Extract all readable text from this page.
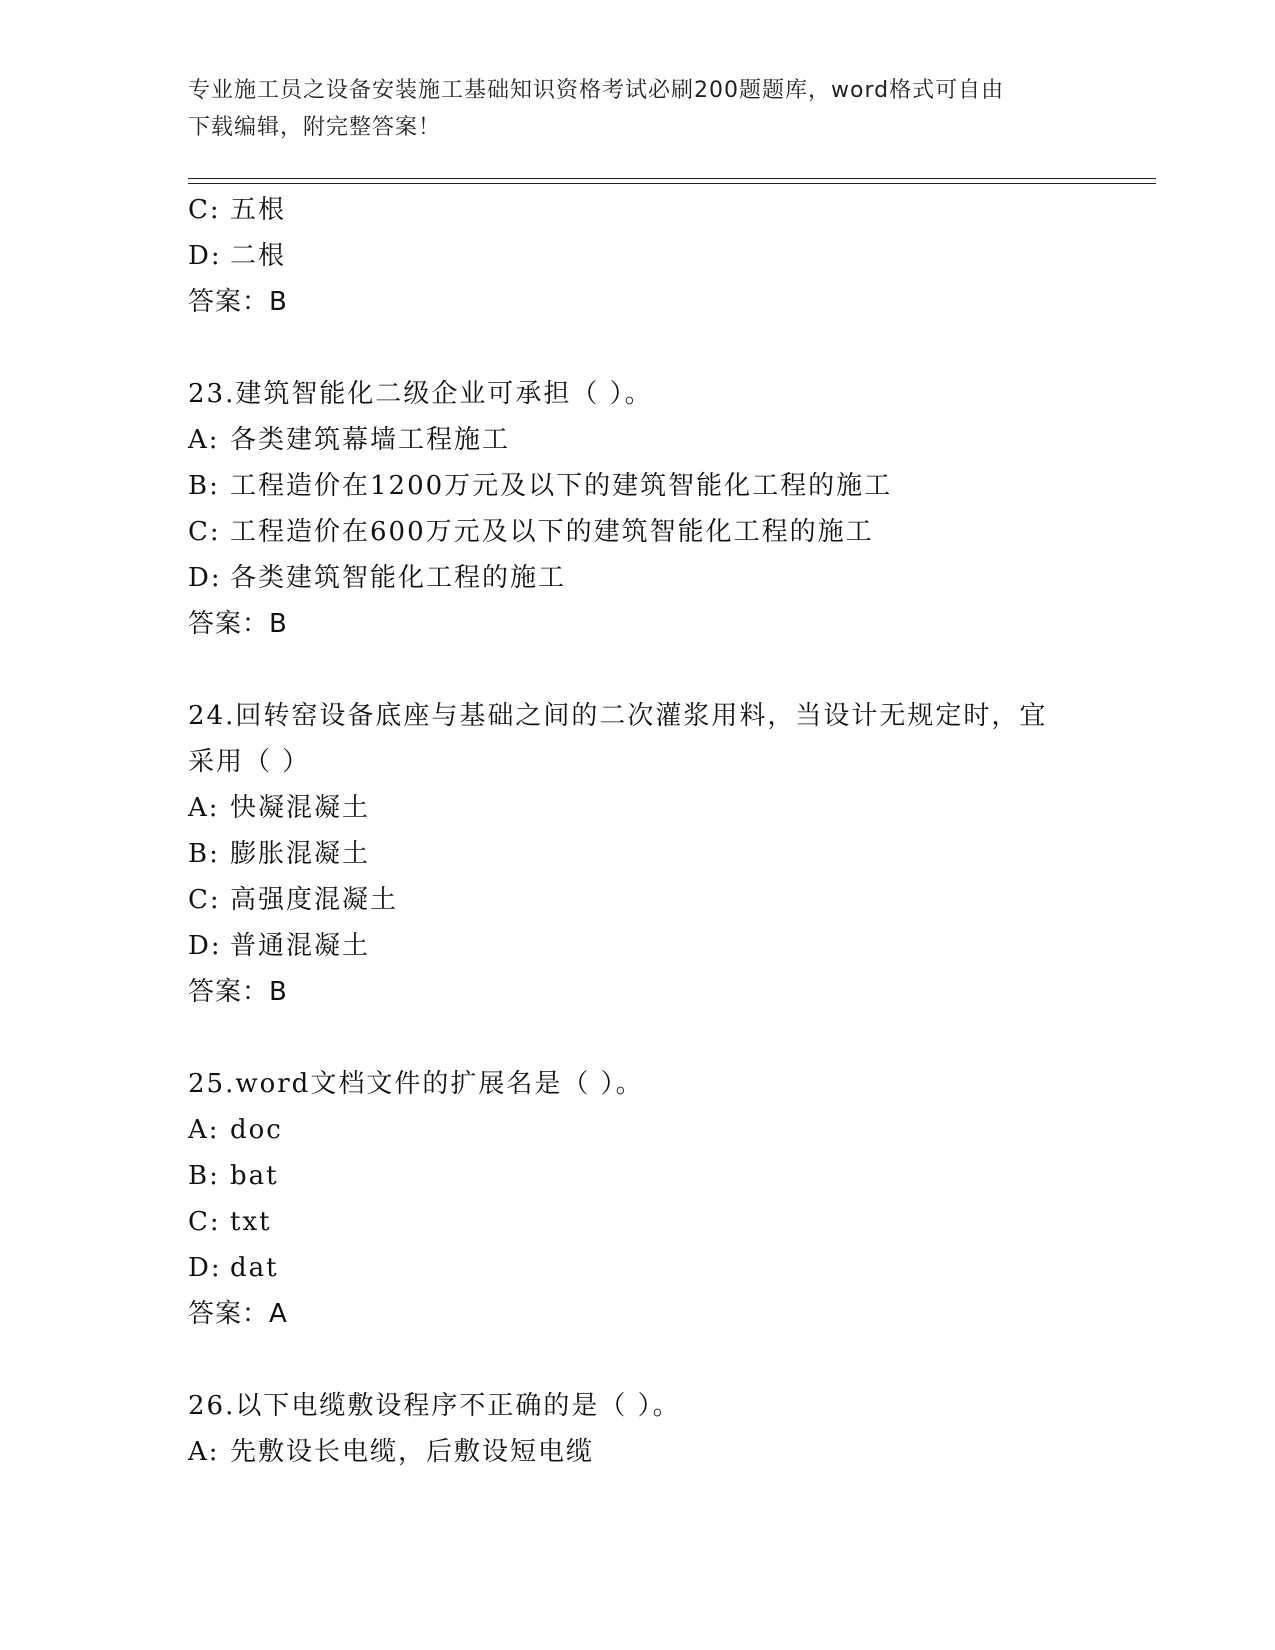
专业施工员之设备安装施工基础知识资格考试必刷200题题库，word格式可自由
下载编辑，附完整答案！
C: 五根
D: 二根
答案：B
23.建筑智能化二级企业可承担（ ）。
A: 各类建筑幕墙工程施工
B: 工程造价在1200万元及以下的建筑智能化工程的施工
C: 工程造价在600万元及以下的建筑智能化工程的施工
D: 各类建筑智能化工程的施工
答案：B
24.回转窑设备底座与基础之间的二次灌浆用料，当设计无规定时，宜
采用（ ）
A: 快凝混凝土
B: 膨胀混凝土
C: 高强度混凝土
D: 普通混凝土
答案：B
25.word文档文件的扩展名是（ ）。
A: doc
B: bat
C: txt
D: dat
答案：A
26.以下电缆敷设程序不正确的是（ ）。
A: 先敷设长电缆，后敷设短电缆
